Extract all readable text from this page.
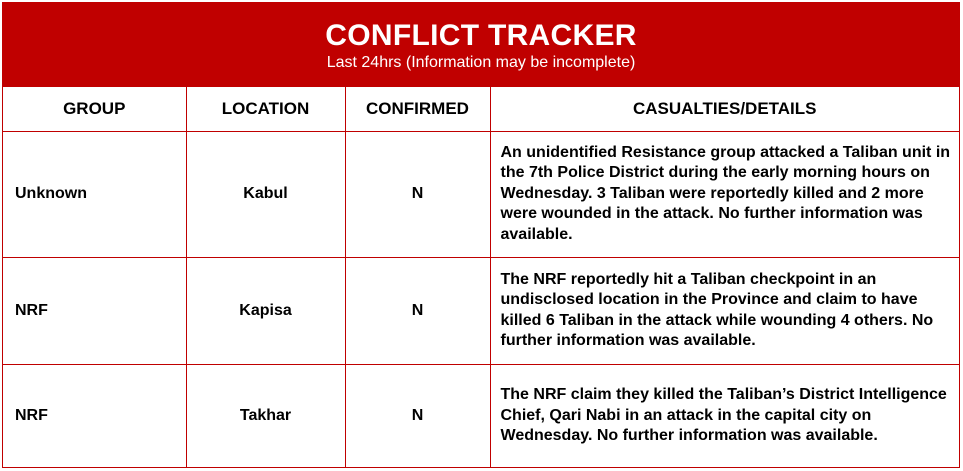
CONFLICT TRACKER
Last 24hrs (Information may be incomplete)
GROUP	LOCATION	CONFIRMED	CASUALTIES/DETAILS
Unknown	Kabul	N	An unidentified Resistance group attacked a Taliban unit in the 7th Police District during the early morning hours on Wednesday. 3 Taliban were reportedly killed and 2 more were wounded in the attack. No further information was available.
NRF	Kapisa	N	The NRF reportedly hit a Taliban checkpoint in an undisclosed location in the Province and claim to have killed 6 Taliban in the attack while wounding 4 others. No further information was available.
NRF	Takhar	N	The NRF claim they killed the Taliban’s District Intelligence Chief, Qari Nabi in an attack in the capital city on Wednesday. No further information was available.
